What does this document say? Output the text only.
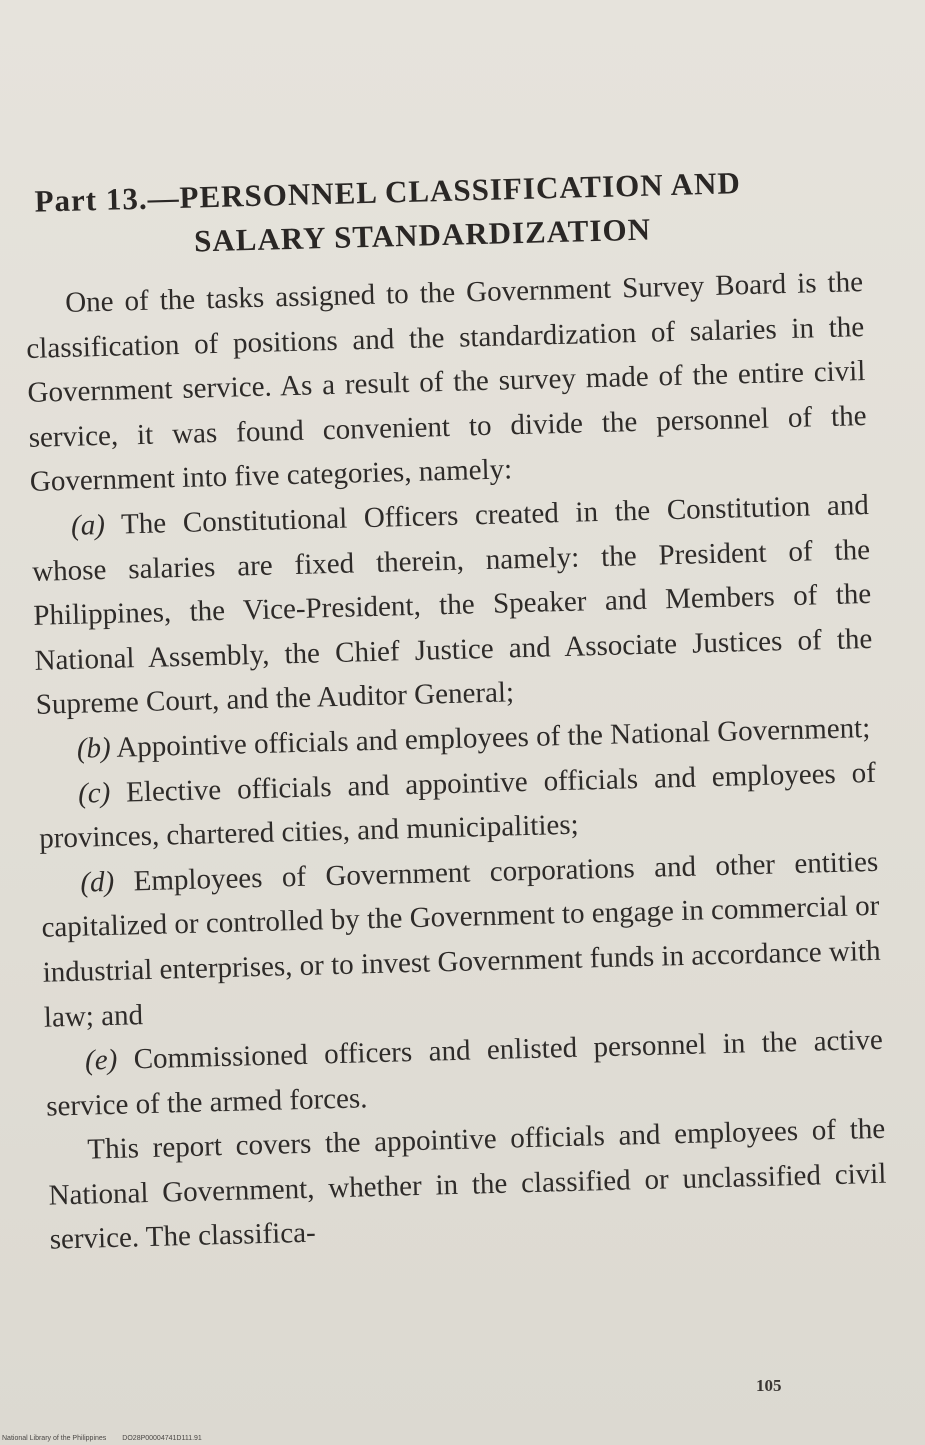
Part 13.—PERSONNEL CLASSIFICATION AND
SALARY STANDARDIZATION

One of the tasks assigned to the Government Survey Board is the classification of positions and the standardization of salaries in the Government service. As a result of the survey made of the entire civil service, it was found convenient to divide the personnel of the Government into five categories, namely:

(a) The Constitutional Officers created in the Constitution and whose salaries are fixed therein, namely: the President of the Philippines, the Vice-President, the Speaker and Members of the National Assembly, the Chief Justice and Associate Justices of the Supreme Court, and the Auditor General;

(b) Appointive officials and employees of the National Government;

(c) Elective officials and appointive officials and employees of provinces, chartered cities, and municipalities;

(d) Employees of Government corporations and other entities capitalized or controlled by the Government to engage in commercial or industrial enterprises, or to invest Government funds in accordance with law; and

(e) Commissioned officers and enlisted personnel in the active service of the armed forces.

This report covers the appointive officials and employees of the National Government, whether in the classified or unclassified civil service. The classifica-

105
National Library of the Philippines DO28P00004741D111.91
